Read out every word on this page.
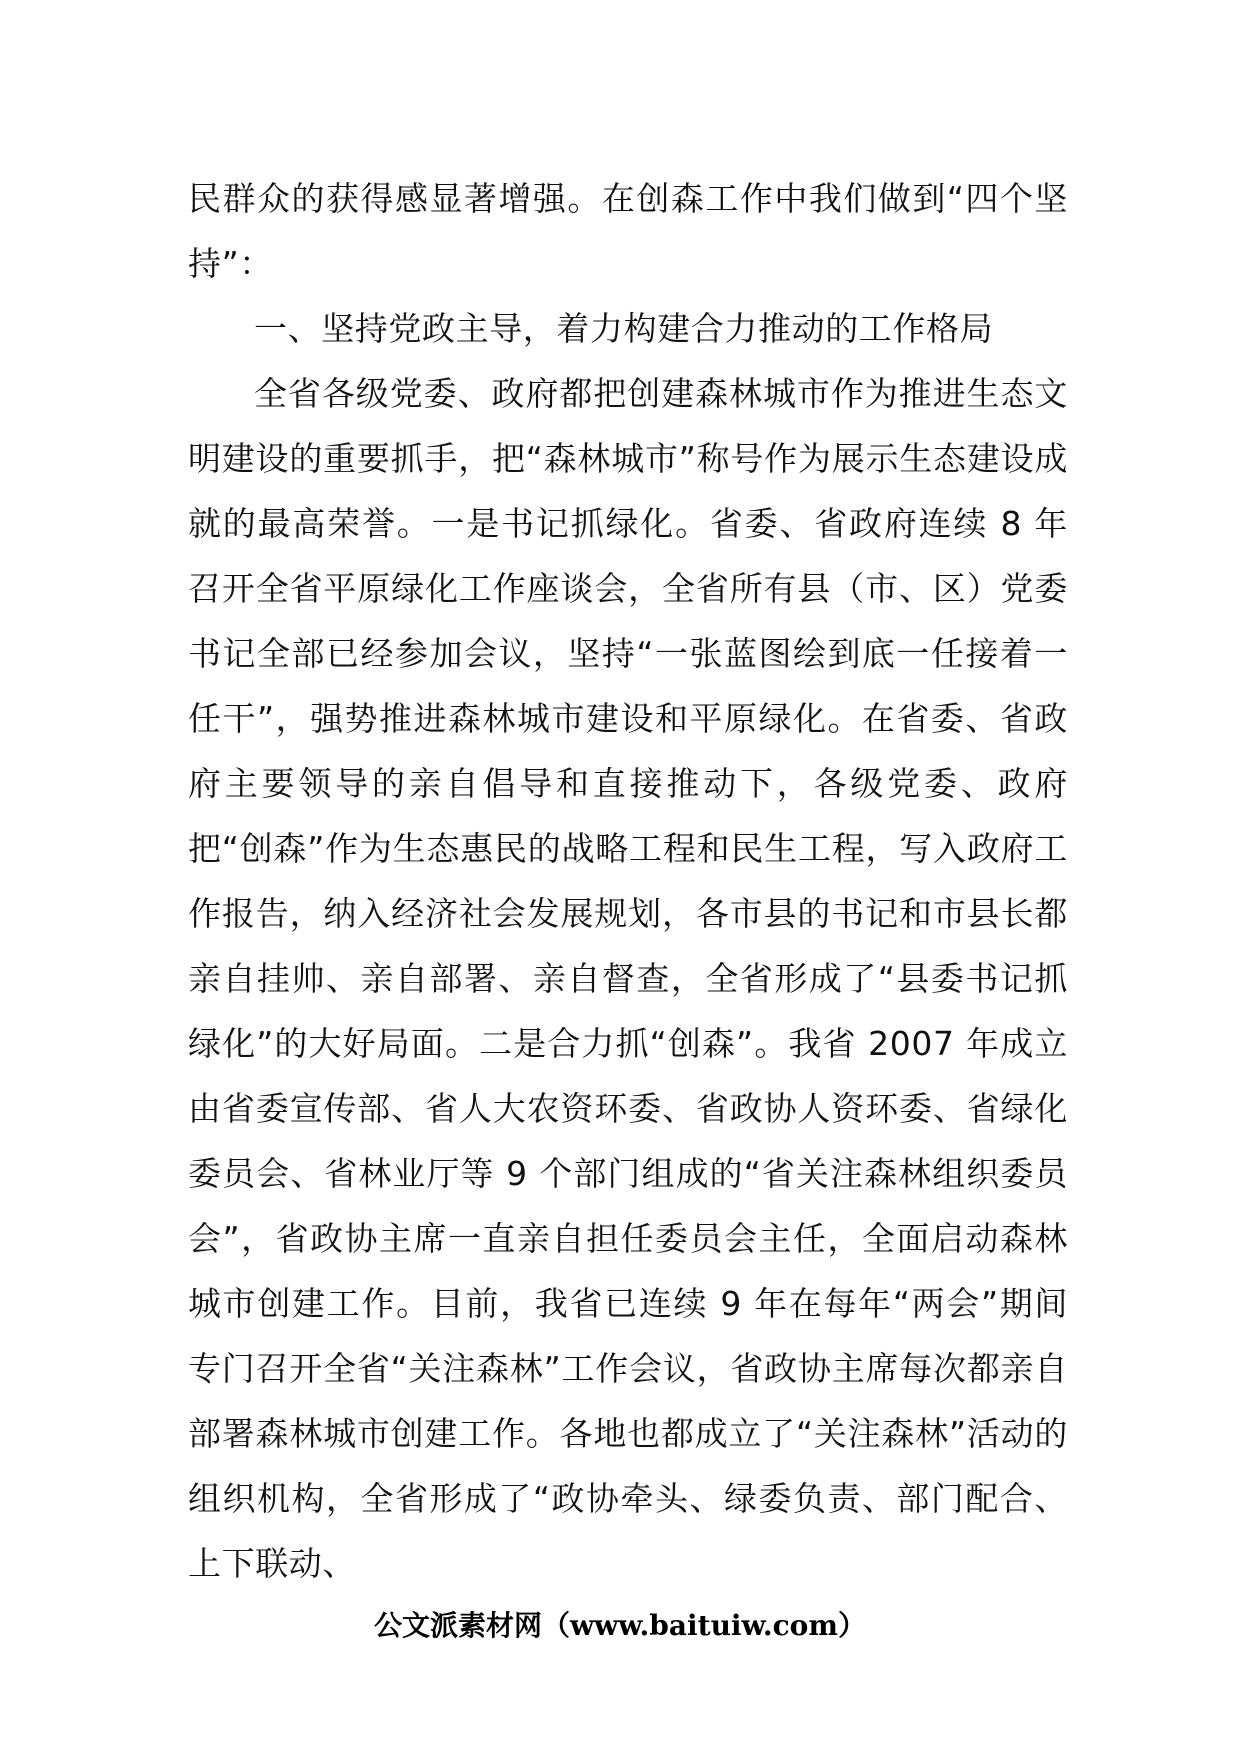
民群众的获得感显著增强。在创森工作中我们做到“四个坚持”：

一、坚持党政主导，着力构建合力推动的工作格局

全省各级党委、政府都把创建森林城市作为推进生态文明建设的重要抓手，把“森林城市”称号作为展示生态建设成就的最高荣誉。一是书记抓绿化。省委、省政府连续 8 年召开全省平原绿化工作座谈会，全省所有县（市、区）党委书记全部已经参加会议，坚持“一张蓝图绘到底一任接着一任干”，强势推进森林城市建设和平原绿化。在省委、省政府主要领导的亲自倡导和直接推动下，各级党委、政府把“创森”作为生态惠民的战略工程和民生工程，写入政府工作报告，纳入经济社会发展规划，各市县的书记和市县长都亲自挂帅、亲自部署、亲自督查，全省形成了“县委书记抓绿化”的大好局面。二是合力抓“创森”。我省 2007 年成立由省委宣传部、省人大农资环委、省政协人资环委、省绿化委员会、省林业厅等 9 个部门组成的“省关注森林组织委员会”，省政协主席一直亲自担任委员会主任，全面启动森林城市创建工作。目前，我省已连续 9 年在每年“两会”期间专门召开全省“关注森林”工作会议，省政协主席每次都亲自部署森林城市创建工作。各地也都成立了“关注森林”活动的组织机构，全省形成了“政协牵头、绿委负责、部门配合、上下联动、

公文派素材网（www.baituiw.com）
